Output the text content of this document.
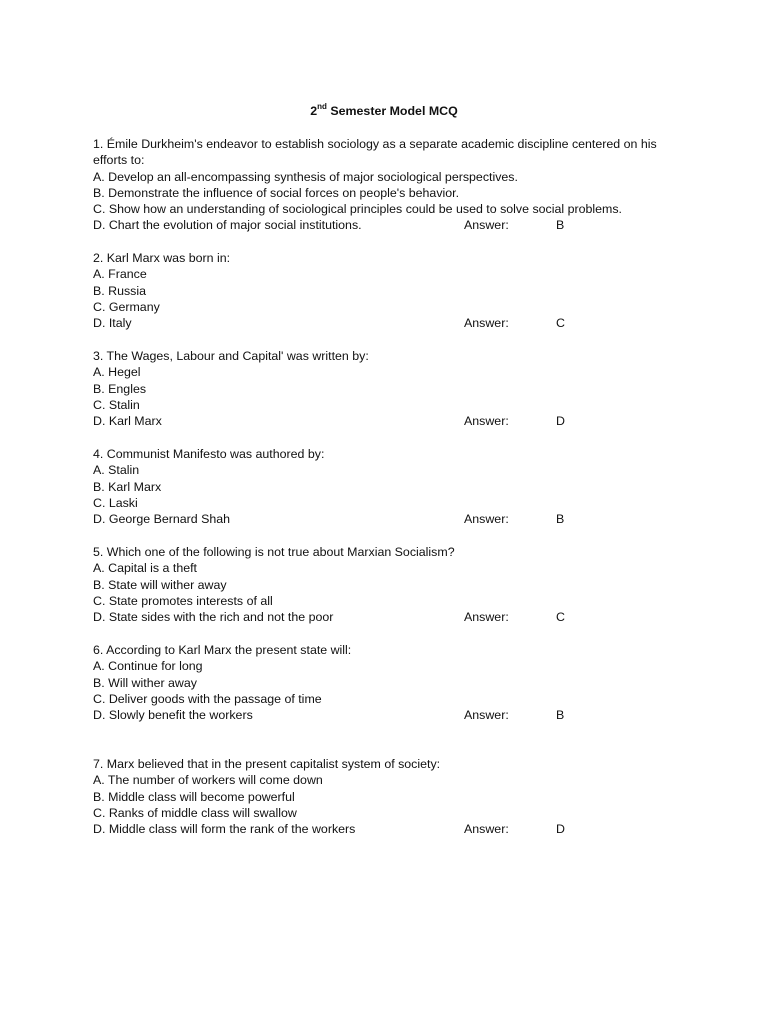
2nd Semester Model MCQ
1. Émile Durkheim's endeavor to establish sociology as a separate academic discipline centered on his efforts to:
A. Develop an all-encompassing synthesis of major sociological perspectives.
B. Demonstrate the influence of social forces on people's behavior.
C. Show how an understanding of sociological principles could be used to solve social problems.
D. Chart the evolution of major social institutions.	Answer:	B
2. Karl Marx was born in:
A. France
B. Russia
C. Germany
D. Italy	Answer:	C
3. The Wages, Labour and Capital' was written by:
A. Hegel
B. Engles
C. Stalin
D. Karl Marx	Answer:	D
4. Communist Manifesto was authored by:
A. Stalin
B. Karl Marx
C. Laski
D. George Bernard Shah	Answer:	B
5. Which one of the following is not true about Marxian Socialism?
A. Capital is a theft
B. State will wither away
C. State promotes interests of all
D. State sides with the rich and not the poor	Answer:	C
6. According to Karl Marx the present state will:
A. Continue for long
B. Will wither away
C. Deliver goods with the passage of time
D. Slowly benefit the workers	Answer:	B
7. Marx believed that in the present capitalist system of society:
A. The number of workers will come down
B. Middle class will become powerful
C. Ranks of middle class will swallow
D. Middle class will form the rank of the workers	Answer:	D
